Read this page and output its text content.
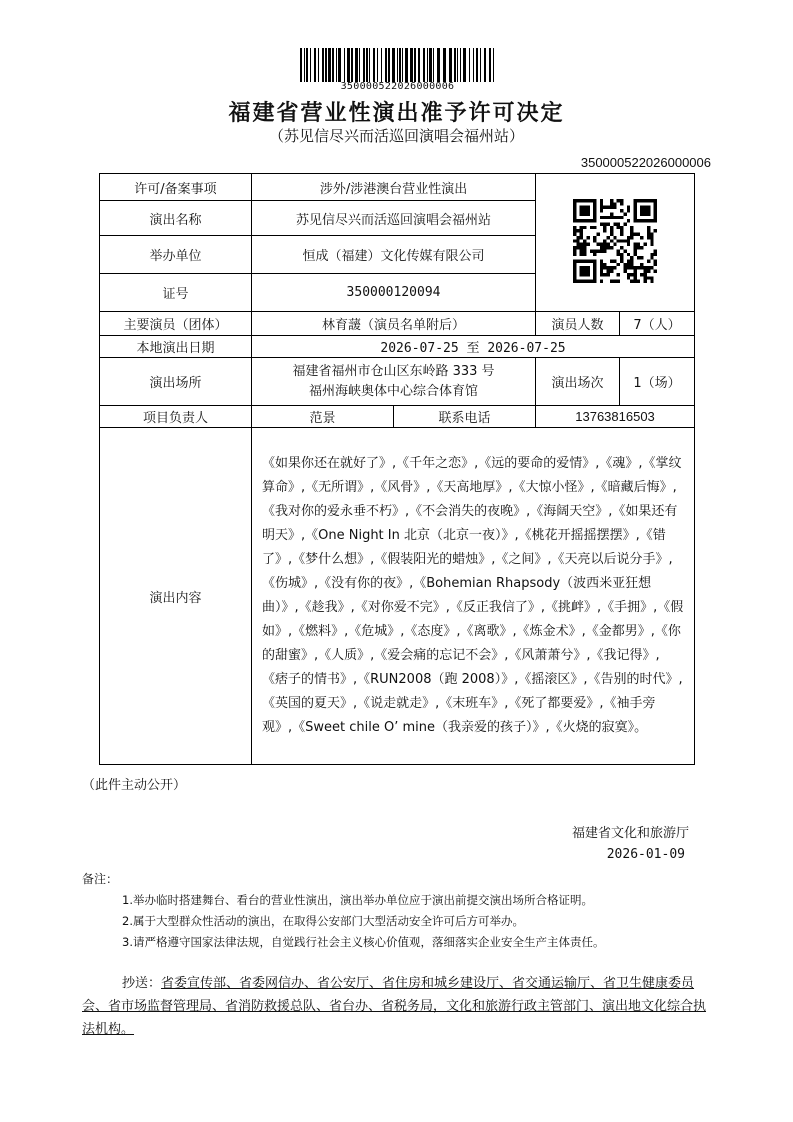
350000522026000006
福建省营业性演出准予许可决定
（苏见信尽兴而活巡回演唱会福州站）
350000522026000006
许可/备案事项	涉外/涉港澳台营业性演出	
演出名称	苏见信尽兴而活巡回演唱会福州站			
举办单位	恒成（福建）文化传媒有限公司			
证号	350000120094			
主要演员（团体）	林育蘐（演员名单附后）		演员人数	7（人）
本地演出日期	2026-07-25 至 2026-07-25			
演出场所	福建省福州市仓山区东岭路 333 号
福州海峡奥体中心综合体育馆		演出场次	1（场）
项目负责人	范景	联系电话	13763816503	
演出内容	《如果你还在就好了》,《千年之恋》,《远的要命的爱情》,《魂》,《掌纹算命》,《无所谓》,《风骨》,《天高地厚》,《大惊小怪》,《暗藏后悔》,《我对你的爱永垂不朽》,《不会消失的夜晚》,《海阔天空》,《如果还有明天》,《One Night In 北京（北京一夜）》,《桃花开摇摇摆摆》,《错了》,《梦什么想》,《假装阳光的蜡烛》,《之间》,《天亮以后说分手》,《伤城》,《没有你的夜》,《Bohemian Rhapsody（波西米亚狂想曲）》,《趁我》,《对你爱不完》,《反正我信了》,《挑衅》,《手拥》,《假如》,《燃料》,《危城》,《态度》,《离歌》,《炼金术》,《金都男》,《你的甜蜜》,《人质》,《爱会痛的忘记不会》,《风萧萧兮》,《我记得》,《痞子的情书》,《RUN2008（跑 2008）》,《摇滚区》,《告别的时代》,《英国的夏天》,《说走就走》,《末班车》,《死了都要爱》,《袖手旁观》,《Sweet chile O’ mine（我亲爱的孩子）》,《火烧的寂寞》。			
（此件主动公开）
福建省文化和旅游厅
2026-01-09
备注：
1.举办临时搭建舞台、看台的营业性演出，演出举办单位应于演出前提交演出场所合格证明。
2.属于大型群众性活动的演出，在取得公安部门大型活动安全许可后方可举办。
3.请严格遵守国家法律法规，自觉践行社会主义核心价值观，落细落实企业安全生产主体责任。
抄送：省委宣传部、省委网信办、省公安厅、省住房和城乡建设厅、省交通运输厅、省卫生健康委员会、省市场监督管理局、省消防救援总队、省台办、省税务局，文化和旅游行政主管部门、演出地文化综合执法机构。
